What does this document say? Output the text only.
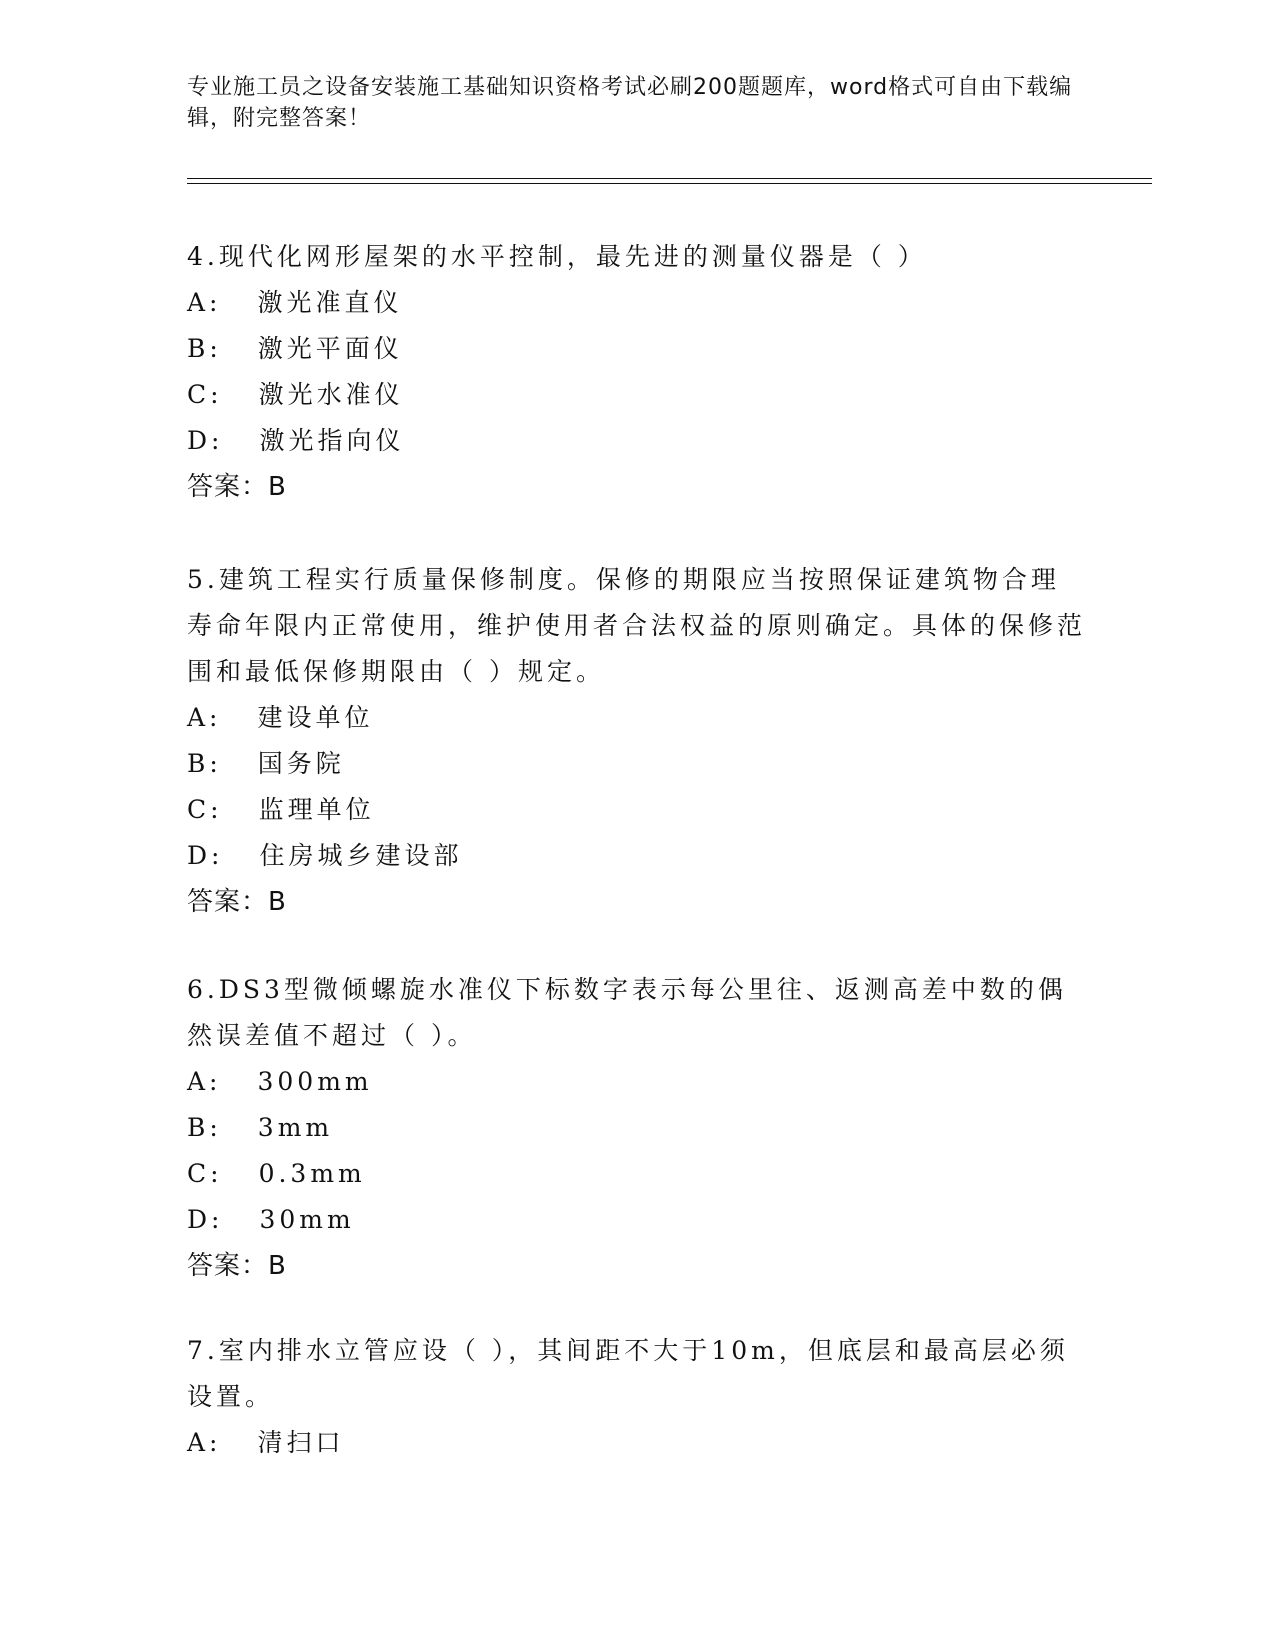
专业施工员之设备安装施工基础知识资格考试必刷200题题库，word格式可自由下载编辑，附完整答案！

4.现代化网形屋架的水平控制，最先进的测量仪器是（ ）

A: 激光准直仪

B: 激光平面仪

C: 激光水准仪

D: 激光指向仪

答案：B

5.建筑工程实行质量保修制度。保修的期限应当按照保证建筑物合理寿命年限内正常使用，维护使用者合法权益的原则确定。具体的保修范围和最低保修期限由（ ）规定。

A: 建设单位

B: 国务院

C: 监理单位

D: 住房城乡建设部

答案：B

6.DS3型微倾螺旋水准仪下标数字表示每公里往、返测高差中数的偶然误差值不超过（ ）。

A: 300mm

B: 3mm

C: 0.3mm

D: 30mm

答案：B

7.室内排水立管应设（ ），其间距不大于10m，但底层和最高层必须设置。

A: 清扫口
